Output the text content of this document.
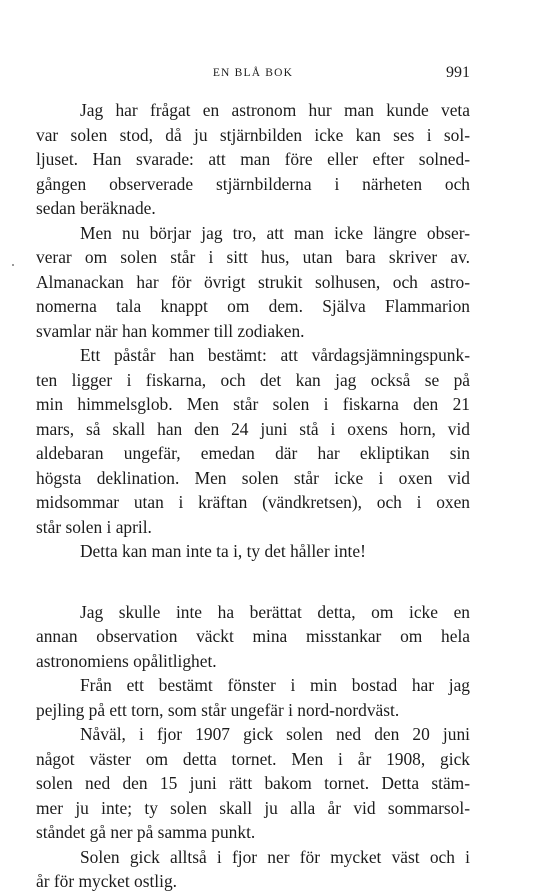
EN BLÅ BOK	991
Jag har frågat en astronom hur man kunde veta
var solen stod, då ju stjärnbilden icke kan ses i sol-
ljuset. Han svarade: att man före eller efter solned-
gången observerade stjärnbilderna i närheten och
sedan beräknade.
Men nu börjar jag tro, att man icke längre obser-
verar om solen står i sitt hus, utan bara skriver av.
Almanackan har för övrigt strukit solhusen, och astro-
nomerna tala knappt om dem. Själva Flammarion
svamlar när han kommer till zodiaken.
Ett påstår han bestämt: att vårdagsjämningspunk-
ten ligger i fiskarna, och det kan jag också se på
min himmelsglob. Men står solen i fiskarna den 21
mars, så skall han den 24 juni stå i oxens horn, vid
aldebaran ungefär, emedan där har ekliptikan sin
högsta deklination. Men solen står icke i oxen vid
midsommar utan i kräftan (vändkretsen), och i oxen
står solen i april.
Detta kan man inte ta i, ty det håller inte!
Jag skulle inte ha berättat detta, om icke en
annan observation väckt mina misstankar om hela
astronomiens opålitlighet.
Från ett bestämt fönster i min bostad har jag
pejling på ett torn, som står ungefär i nord-nordväst.
Nåväl, i fjor 1907 gick solen ned den 20 juni
något väster om detta tornet. Men i år 1908, gick
solen ned den 15 juni rätt bakom tornet. Detta stäm-
mer ju inte; ty solen skall ju alla år vid sommarsol-
ståndet gå ner på samma punkt.
Solen gick alltså i fjor ner för mycket väst och i
år för mycket ostlig.
